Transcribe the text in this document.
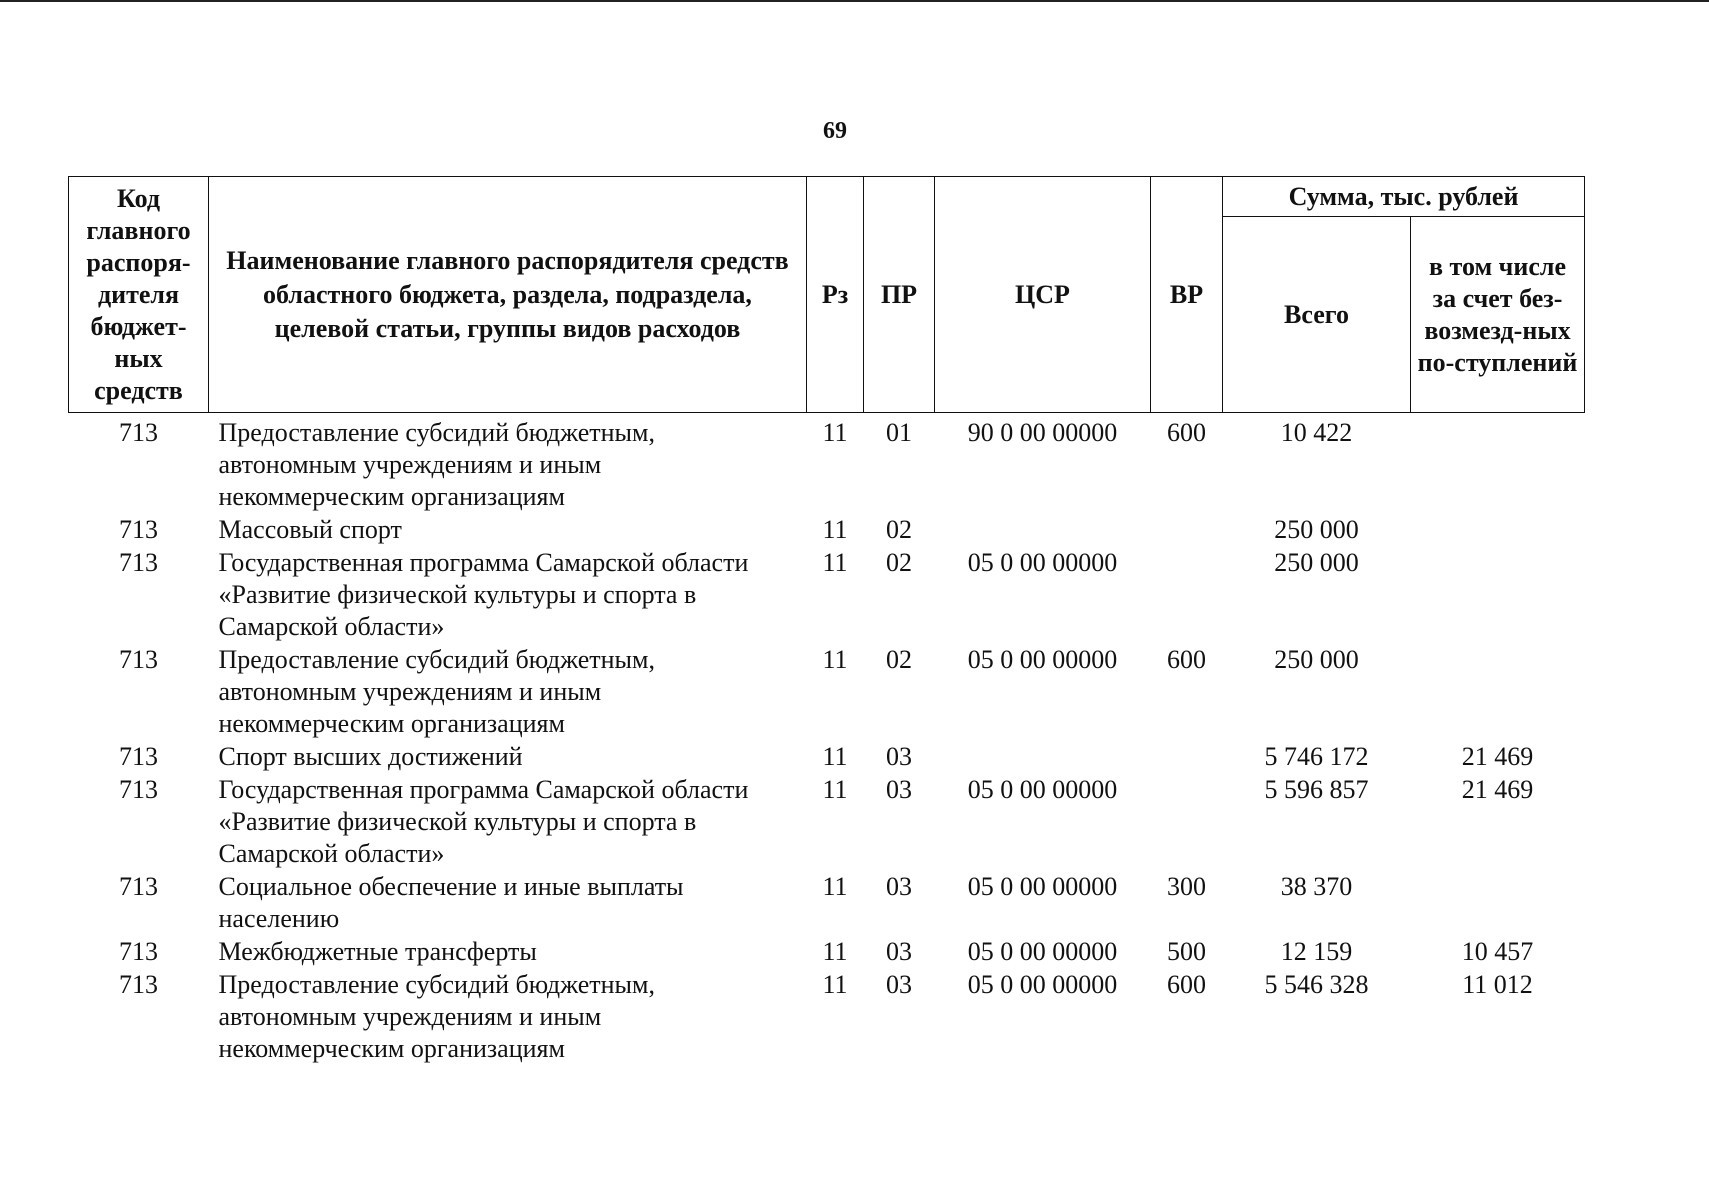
69
Код главного распоря-дителя бюджет-ных средств	Наименование главного распорядителя средств областного бюджета, раздела, подраздела, целевой статьи, группы видов расходов	Рз	ПР	ЦСР	ВР	Сумма, тыс. рублей	
						Всего	в том числе за счет без-возмезд-ных по-ступлений
713	Предоставление субсидий бюджетным, автономным учреждениям и иным некоммерческим организациям	11	01	90 0 00 00000	600	10 422	
713	Массовый спорт	11	02			250 000	
713	Государственная программа Самарской области «Развитие физической культуры и спорта в Самарской области»	11	02	05 0 00 00000		250 000	
713	Предоставление субсидий бюджетным, автономным учреждениям и иным некоммерческим организациям	11	02	05 0 00 00000	600	250 000	
713	Спорт высших достижений	11	03			5 746 172	21 469
713	Государственная программа Самарской области «Развитие физической культуры и спорта в Самарской области»	11	03	05 0 00 00000		5 596 857	21 469
713	Социальное обеспечение и иные выплаты населению	11	03	05 0 00 00000	300	38 370	
713	Межбюджетные трансферты	11	03	05 0 00 00000	500	12 159	10 457
713	Предоставление субсидий бюджетным, автономным учреждениям и иным некоммерческим организациям	11	03	05 0 00 00000	600	5 546 328	11 012
